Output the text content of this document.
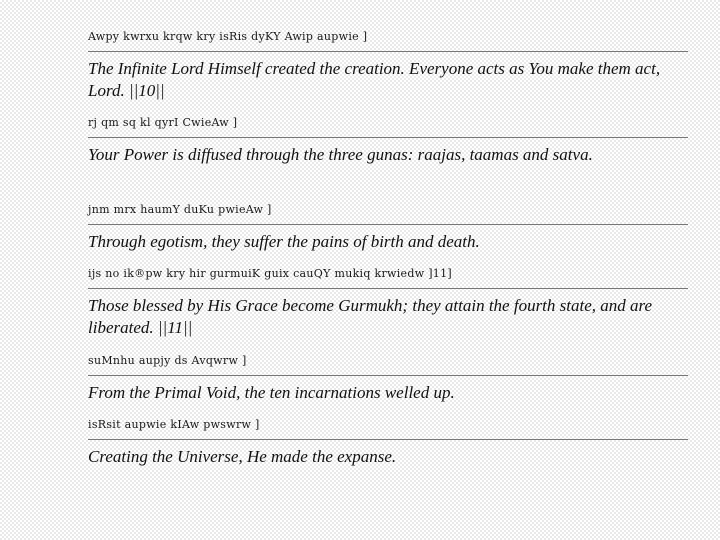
Awpy kwrxu krqw kry isRis dyKY Awip aupwie ]
The Infinite Lord Himself created the creation. Everyone acts as You make them act, Lord. ||10||
rj qm sq kl qyrI CwieAw ]
Your Power is diffused through the three gunas: raajas, taamas and satva.
jnm mrx haumY duKu pwieAw ]
Through egotism, they suffer the pains of birth and death.
ijs no ik®pw kry hir gurmuiK guix cauQY mukiq krwiedw ]11]
Those blessed by His Grace become Gurmukh; they attain the fourth state, and are liberated. ||11||
suMnhu aupjy ds Avqwrw ]
From the Primal Void, the ten incarnations welled up.
isRsit aupwie kIAw pwswrw ]
Creating the Universe, He made the expanse.
